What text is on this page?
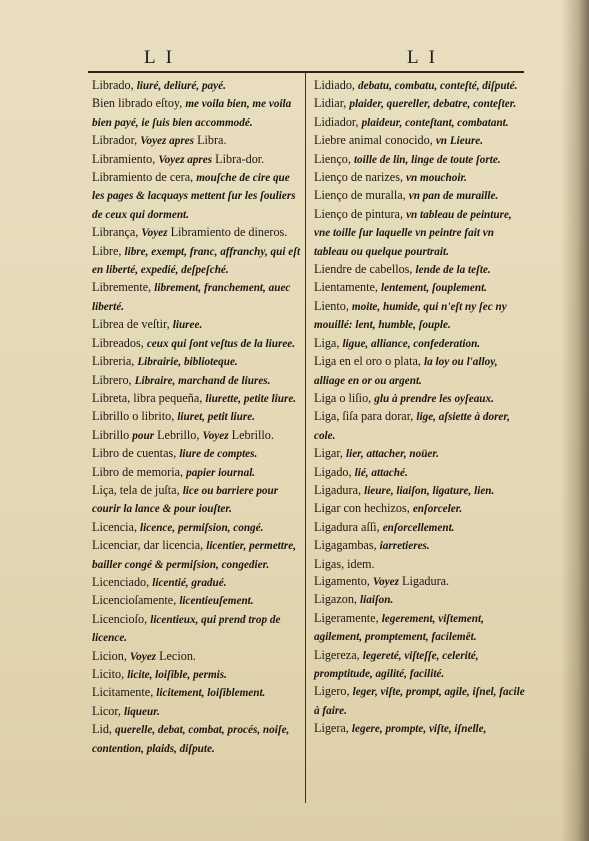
L I	L I
Librado, liuré, deliuré, payé.
Bien librado eſtoy, me voila bien, me voila bien payé, ie ſuis bien accommodé.
Librador, Voyez apres Libra.
Libramiento, Voyez apres Libra-dor.
Libramiento de cera, mouſche de cire que les pages & lacquays mettent ſur les ſouliers de ceux qui dorment.
Librança, Voyez Libramiento de dineros.
Libre, libre, exempt, franc, affranchy, qui eſt en liberté, expedié, deſpeſché.
Libremente, librement, franchement, auec liberté.
Librea de veſtir, liuree.
Libreados, ceux qui ſont veſtus de la liuree.
Libreria, Librairie, biblioteque.
Librero, Libraire, marchand de liures.
Libreta, libra pequeña, liurette, petite liure.
Librillo o librito, liuret, petit liure.
Librillo pour Lebrillo, Voyez Lebrillo.
Libro de cuentas, liure de comptes.
Libro de memoria, papier iournal.
Liça, tela de juſta, lice ou barriere pour courir la lance & pour iouſter.
Licencia, licence, permiſsion, congé.
Licenciar, dar licencia, licentier, permettre, bailler congé & permiſsion, congedier.
Licenciado, licentié, gradué.
Licencioſamente, licentieuſement.
Licencioſo, licentieux, qui prend trop de licence.
Licion, Voyez Lecion.
Licito, licite, loiſible, permis.
Licitamente, licitement, loiſiblement.
Licor, liqueur.
Lid, querelle, debat, combat, procés, noiſe, contention, plaids, diſpute.
Lidiado, debatu, combatu, conteſté, diſputé.
Lidiar, plaider, quereller, debatre, conteſter.
Lidiador, plaideur, conteſtant, combatant.
Liebre animal conocido, vn Lieure.
Lienço, toille de lin, linge de toute ſorte.
Lienço de narizes, vn mouchoir.
Lienço de muralla, vn pan de muraille.
Lienço de pintura, vn tableau de peinture, vne toille ſur laquelle vn peintre fait vn tableau ou quelque pourtrait.
Liendre de cabellos, lende de la teſte.
Lientamente, lentement, ſouplement.
Liento, moite, humide, qui n'eſt ny ſec ny mouillé: lent, humble, ſouple.
Liga, ligue, alliance, confederation.
Liga en el oro o plata, la loy ou l'alloy, alliage en or ou argent.
Liga o liſio, glu à prendre les oyſeaux.
Liga, ſiſa para dorar, lige, aſsiette à dorer, cole.
Ligar, lier, attacher, noüer.
Ligado, lié, attaché.
Ligadura, lieure, liaiſon, ligature, lien.
Ligar con hechizos, enſorceler.
Ligadura aſſi, enſorcellement.
Ligagambas, iarretieres.
Ligas, idem.
Ligamento, Voyez Ligadura.
Ligazon, liaiſon.
Ligeramente, legerement, viſtement, agilement, promptement, facilemēt.
Ligereza, legereté, viſteſſe, celerité, promptitude, agilité, facilité.
Ligero, leger, viſte, prompt, agile, iſnel, facile à faire.
Ligera, legere, prompte, viſte, iſnelle,
